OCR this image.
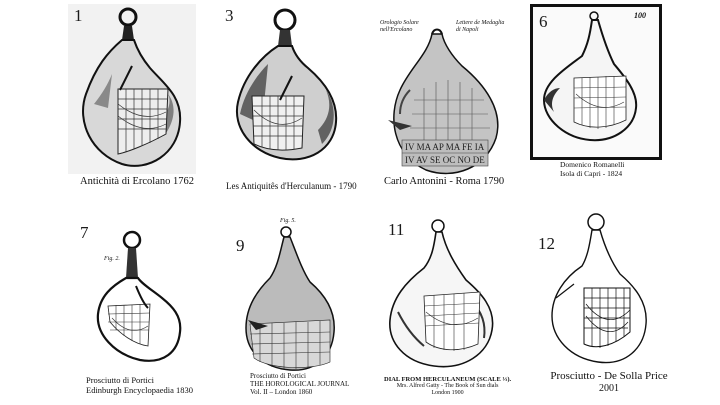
1
Antichità di Ercolano 1762
3
Les Antiquitês d'Herculanum - 1790
Orologio Solare nell'Ercolano
Lettere de Medaglia di Napoli
IV MA AP MA FE IA
IV AV SE OC NO DE
Carlo Antonini - Roma 1790
6	100
Domenico Romanelli
Isola di Capri - 1824
7
Fig. 2.
Prosciutto di Portici
Edinburgh Encyclopaedia 1830
9
Fig. 5.
Prosciutto di Portici
THE HOROLOGICAL JOURNAL
Vol. II – London 1860
11
DIAL FROM HERCULANEUM (SCALE ⅓).
Mrs. Alfred Gatty - The Book of Sun dials
London 1900
12
Prosciutto - De Solla Price
2001
